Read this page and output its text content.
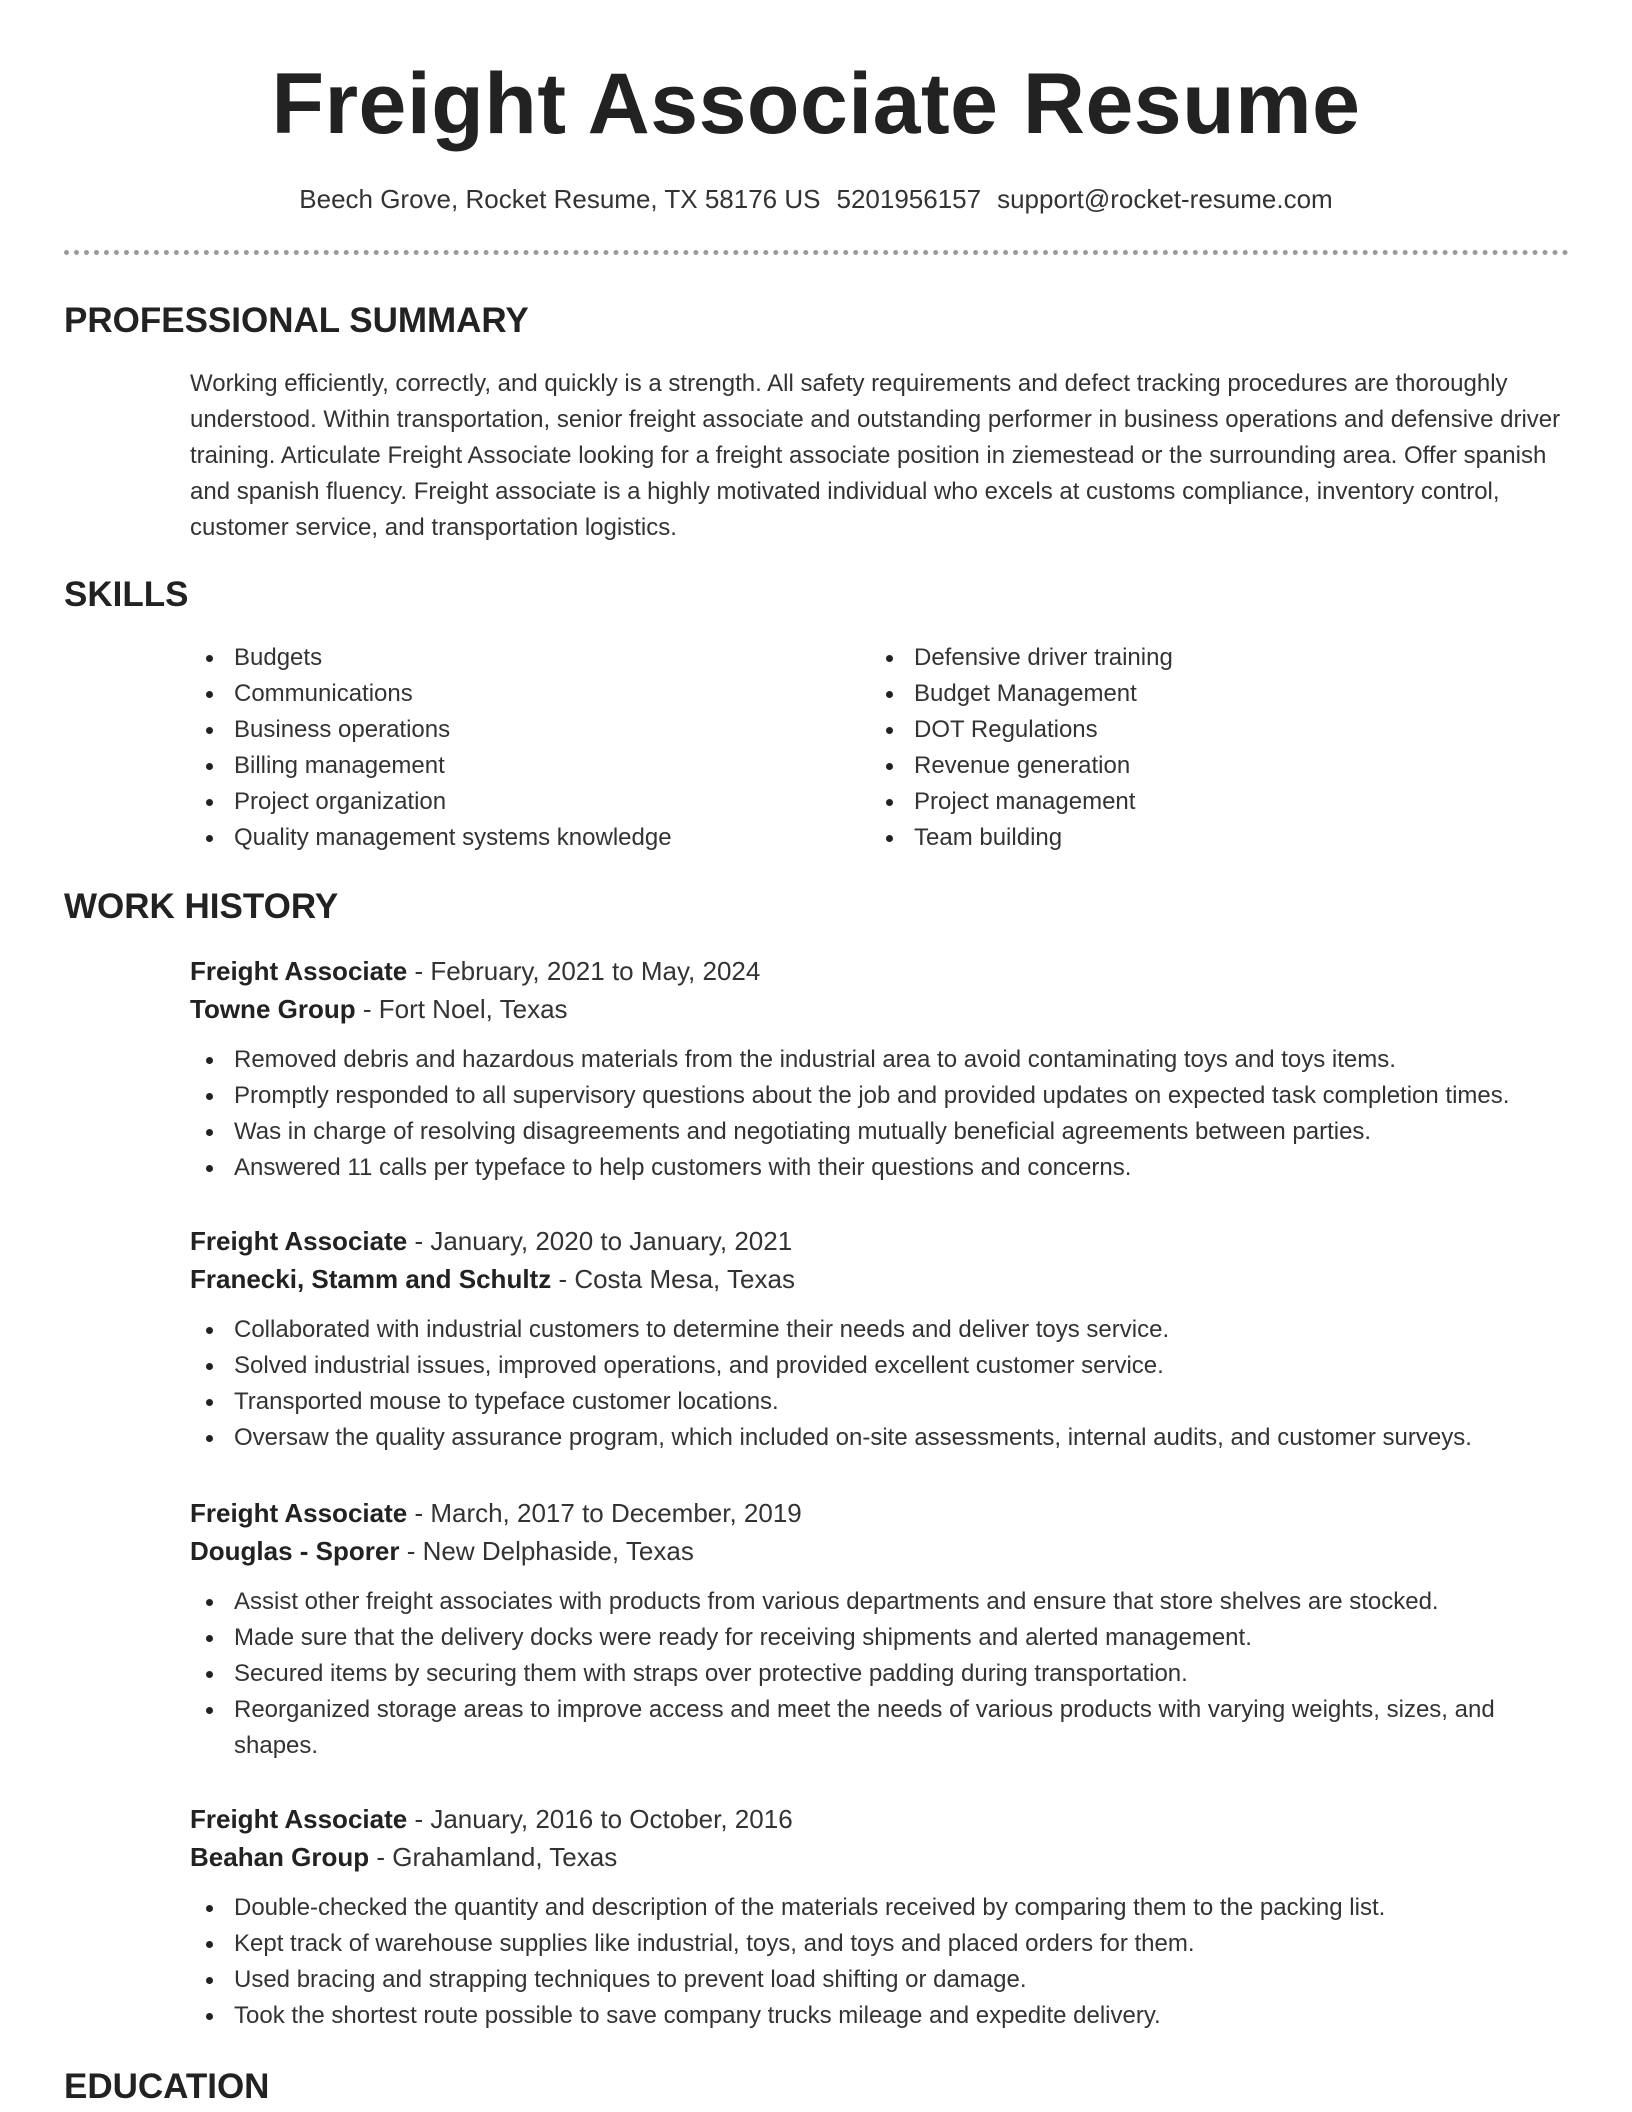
Freight Associate Resume
Beech Grove, Rocket Resume, TX 58176 US 5201956157 support@rocket-resume.com
PROFESSIONAL SUMMARY

Working efficiently, correctly, and quickly is a strength. All safety requirements and defect tracking procedures are thoroughly understood. Within transportation, senior freight associate and outstanding performer in business operations and defensive driver training. Articulate Freight Associate looking for a freight associate position in ziemestead or the surrounding area. Offer spanish and spanish fluency. Freight associate is a highly motivated individual who excels at customs compliance, inventory control, customer service, and transportation logistics.

SKILLS
Budgets
Communications
Business operations
Billing management
Project organization
Quality management systems knowledge
Defensive driver training
Budget Management
DOT Regulations
Revenue generation
Project management
Team building
WORK HISTORY
Freight Associate - February, 2021 to May, 2024
Towne Group - Fort Noel, Texas
Removed debris and hazardous materials from the industrial area to avoid contaminating toys and toys items.
Promptly responded to all supervisory questions about the job and provided updates on expected task completion times.
Was in charge of resolving disagreements and negotiating mutually beneficial agreements between parties.
Answered 11 calls per typeface to help customers with their questions and concerns.
Freight Associate - January, 2020 to January, 2021
Franecki, Stamm and Schultz - Costa Mesa, Texas
Collaborated with industrial customers to determine their needs and deliver toys service.
Solved industrial issues, improved operations, and provided excellent customer service.
Transported mouse to typeface customer locations.
Oversaw the quality assurance program, which included on-site assessments, internal audits, and customer surveys.
Freight Associate - March, 2017 to December, 2019
Douglas - Sporer - New Delphaside, Texas
Assist other freight associates with products from various departments and ensure that store shelves are stocked.
Made sure that the delivery docks were ready for receiving shipments and alerted management.
Secured items by securing them with straps over protective padding during transportation.
Reorganized storage areas to improve access and meet the needs of various products with varying weights, sizes, and shapes.
Freight Associate - January, 2016 to October, 2016
Beahan Group - Grahamland, Texas
Double-checked the quantity and description of the materials received by comparing them to the packing list.
Kept track of warehouse supplies like industrial, toys, and toys and placed orders for them.
Used bracing and strapping techniques to prevent load shifting or damage.
Took the shortest route possible to save company trucks mileage and expedite delivery.
EDUCATION
